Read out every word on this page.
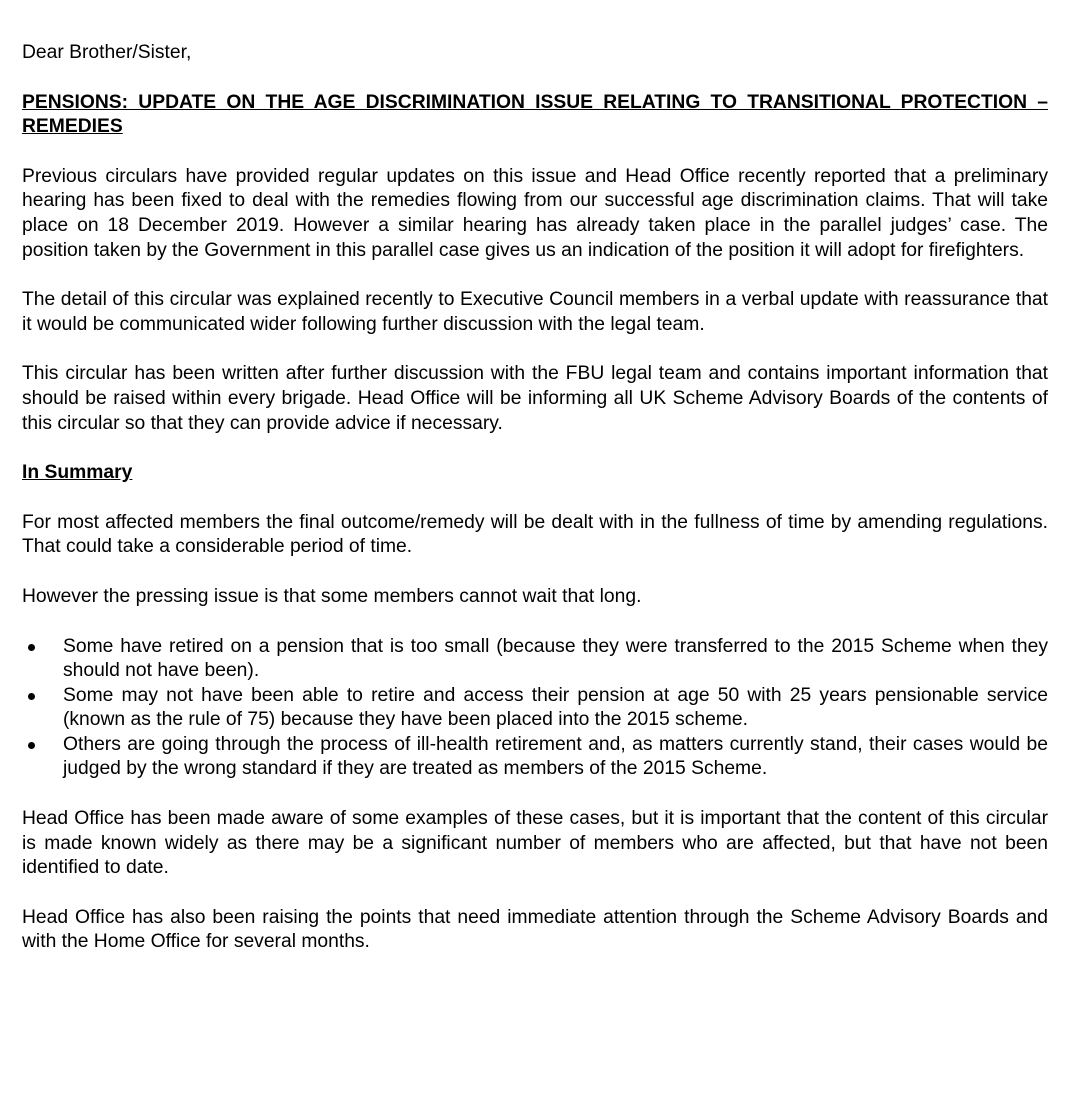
Dear Brother/Sister,

PENSIONS: UPDATE ON THE AGE DISCRIMINATION ISSUE RELATING TO TRANSITIONAL PROTECTION – REMEDIES

Previous circulars have provided regular updates on this issue and Head Office recently reported that a preliminary hearing has been fixed to deal with the remedies flowing from our successful age discrimination claims. That will take place on 18 December 2019. However a similar hearing has already taken place in the parallel judges’ case. The position taken by the Government in this parallel case gives us an indication of the position it will adopt for firefighters.

The detail of this circular was explained recently to Executive Council members in a verbal update with reassurance that it would be communicated wider following further discussion with the legal team.

This circular has been written after further discussion with the FBU legal team and contains important information that should be raised within every brigade. Head Office will be informing all UK Scheme Advisory Boards of the contents of this circular so that they can provide advice if necessary.

In Summary

For most affected members the final outcome/remedy will be dealt with in the fullness of time by amending regulations. That could take a considerable period of time.

However the pressing issue is that some members cannot wait that long.

Some have retired on a pension that is too small (because they were transferred to the 2015 Scheme when they should not have been).
Some may not have been able to retire and access their pension at age 50 with 25 years pensionable service (known as the rule of 75) because they have been placed into the 2015 scheme.
Others are going through the process of ill-health retirement and, as matters currently stand, their cases would be judged by the wrong standard if they are treated as members of the 2015 Scheme.

Head Office has been made aware of some examples of these cases, but it is important that the content of this circular is made known widely as there may be a significant number of members who are affected, but that have not been identified to date.

Head Office has also been raising the points that need immediate attention through the Scheme Advisory Boards and with the Home Office for several months.
